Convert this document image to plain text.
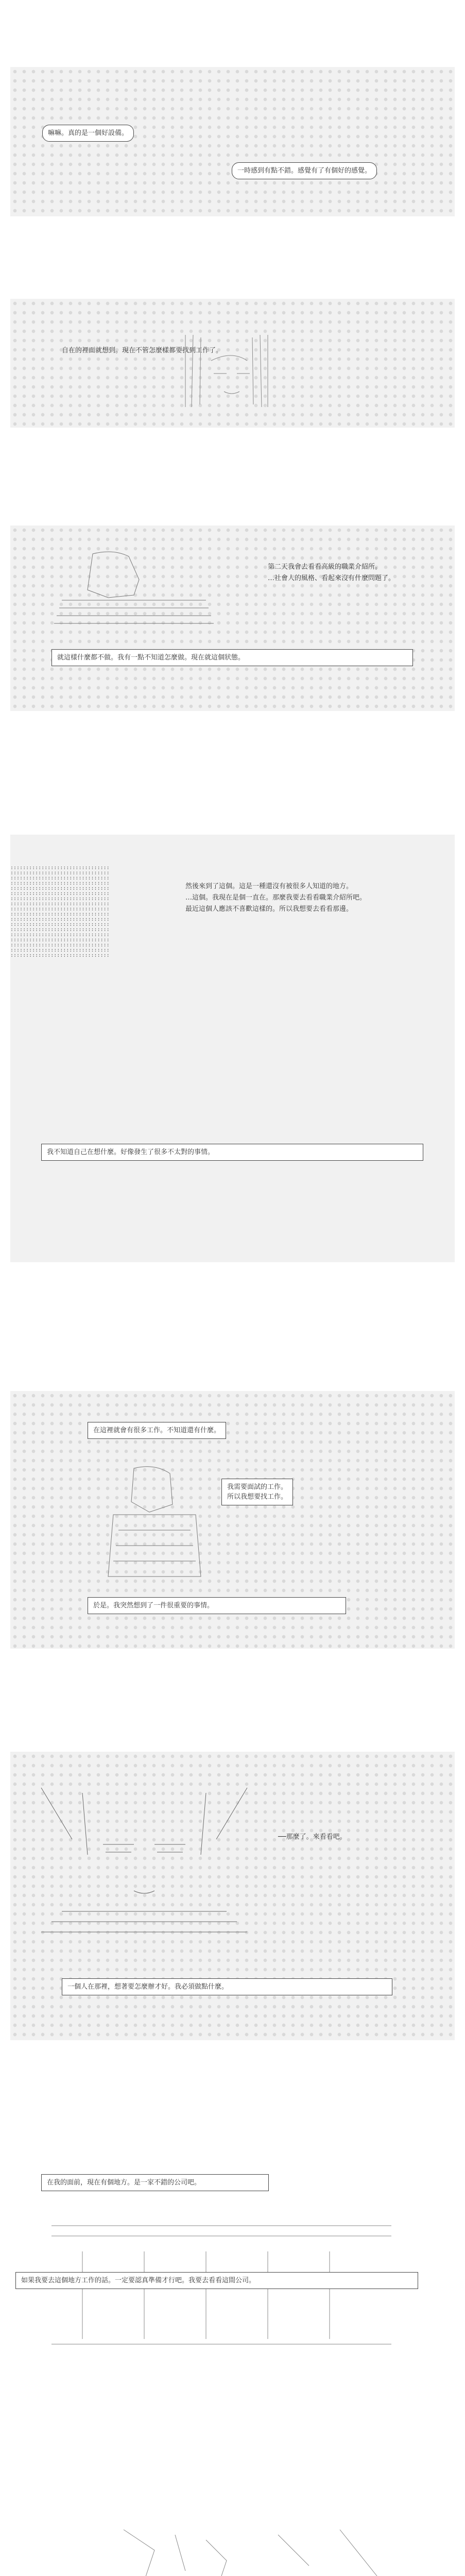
嘛嘛。真的是一個好設備。
一時感到有點不錯。感覺有了有個好的感覺。
自在的裡面就想到。現在不管怎麼樣都要找到工作了。
第二天我會去看看高級的職業介紹所。
…社會人的風格、看起來沒有什麼問題了。
就這樣什麼都不做。我有一點不知道怎麼做。現在就這個狀態。
::::::::::::::::::::::::::::::::
::::::::::::::::::::::::::::::::
::::::::::::::::::::::::::::::::
::::::::::::::::::::::::::::::::
::::::::::::::::::::::::::::::::
::::::::::::::::::::::::::::::::
::::::::::::::::::::::::::::::::
::::::::::::::::::::::::::::::::
::::::::::::::::::::::::::::::::
::::::::::::::::::::::::::::::::
::::::::::::::::::::::::::::::::
::::::::::::::::::::::::::::::::
::::::::::::::::::::::::::::::::
::::::::::::::::::::::::::::::::
::::::::::::::::::::::::::::::::
::::::::::::::::::::::::::::::::
::::::::::::::::::::::::::::::::
::::::::::::::::::::::::::::::::
然後來到了這個。這是一種還沒有被很多人知道的地方。
…這個。我現在是個一直在。那麼我要去看看職業介紹所吧。
最近這個人應該不喜歡這樣的。所以我想要去看看那邊。
我不知道自己在想什麼。好像發生了很多不太對的事情。
在這裡就會有很多工作。不知道還有什麼。
我需要面試的工作。
所以我想要找工作。
於是。我突然想到了一件很重要的事情。
──那麼了。來看看吧。
一個人在那裡，想著要怎麼辦才好。我必須做點什麼。
在我的面前，現在有個地方。是一家不錯的公司吧。
如果我要去這個地方工作的話。一定要認真準備才行吧。我要去看看這間公司。
